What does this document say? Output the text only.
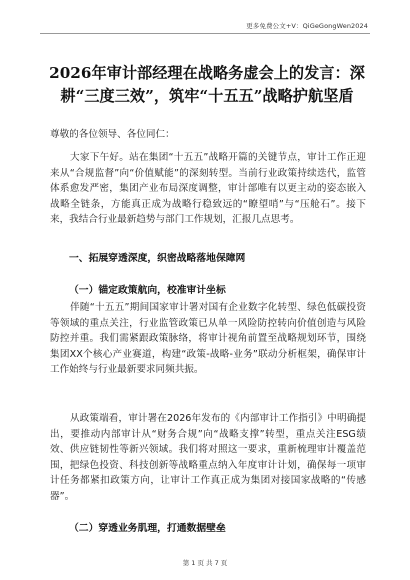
更多免费公文+V：QiGeGongWen2024
2026年审计部经理在战略务虚会上的发言：深耕“三度三效”，筑牢“十五五”战略护航坚盾
尊敬的各位领导、各位同仁：
大家下午好。站在集团“十五五”战略开篇的关键节点，审计工作正迎来从“合规监督”向“价值赋能”的深刻转型。当前行业政策持续迭代，监管体系愈发严密，集团产业布局深度调整，审计部唯有以更主动的姿态嵌入战略全链条，方能真正成为战略行稳致远的“瞭望哨”与“压舱石”。接下来，我结合行业最新趋势与部门工作规划，汇报几点思考。
一、拓展穿透深度，织密战略落地保障网
（一）锚定政策航向，校准审计坐标
伴随“十五五”期间国家审计署对国有企业数字化转型、绿色低碳投资等领域的重点关注，行业监管政策已从单一风险防控转向价值创造与风险防控并重。我们需紧跟政策脉络，将审计视角前置至战略规划环节，围绕集团XX个核心产业赛道，构建“政策-战略-业务”联动分析框架，确保审计工作始终与行业最新要求同频共振。
从政策端看，审计署在2026年发布的《内部审计工作指引》中明确提出，要推动内部审计从“财务合规”向“战略支撑”转型，重点关注ESG绩效、供应链韧性等新兴领域。我们将对照这一要求，重新梳理审计覆盖范围，把绿色投资、科技创新等战略重点纳入年度审计计划，确保每一项审计任务都紧扣政策方向，让审计工作真正成为集团对接国家战略的“传感器”。
（二）穿透业务肌理，打通数据壁垒
第 1 页 共 7 页
